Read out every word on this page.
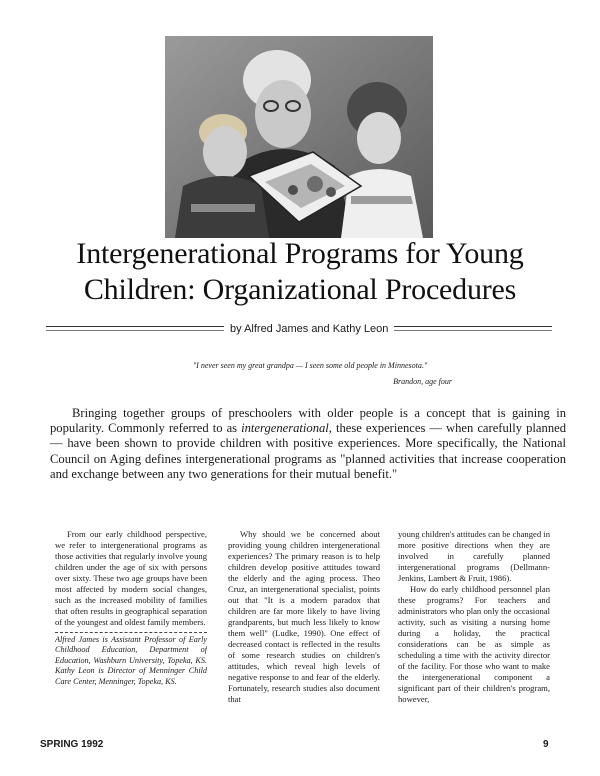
Intergenerational Programs for Young
Children: Organizational Procedures
by Alfred James and Kathy Leon
"I never seen my great grandpa — I seen some old people in Minnesota."
Brandon, age four

Bringing together groups of preschoolers with older people is a concept that is gaining in popularity. Commonly referred to as intergenerational, these experiences — when carefully planned — have been shown to provide children with positive experiences. More specifically, the National Council on Aging defines intergenerational programs as "planned activities that increase cooperation and exchange between any two generations for their mutual benefit."

From our early childhood perspective, we refer to intergenerational programs as those activities that regularly involve young children under the age of six with persons over sixty. These two age groups have been most affected by modern social changes, such as the increased mobility of families that often results in geographical separation of the youngest and oldest family members.

Alfred James is Assistant Professor of Early Childhood Education, Department of Education, Washburn University, Topeka, KS. Kathy Leon is Director of Menninger Child Care Center, Menninger, Topeka, KS.

Why should we be concerned about providing young children intergenerational experiences? The primary reason is to help children develop positive attitudes toward the elderly and the aging process. Theo Cruz, an intergenerational specialist, points out that "It is a modern paradox that children are far more likely to have living grandparents, but much less likely to know them well" (Ludke, 1990). One effect of decreased contact is reflected in the results of some research studies on children's attitudes, which reveal high levels of negative response to and fear of the elderly. Fortunately, research studies also document that

young children's attitudes can be changed in more positive directions when they are involved in carefully planned intergenerational programs (Dellmann-Jenkins, Lambert & Fruit, 1986).

How do early childhood personnel plan these programs? For teachers and administrators who plan only the occasional activity, such as visiting a nursing home during a holiday, the practical considerations can be as simple as scheduling a time with the activity director of the facility. For those who want to make the intergenerational component a significant part of their children's program, however,

SPRING 1992	9
